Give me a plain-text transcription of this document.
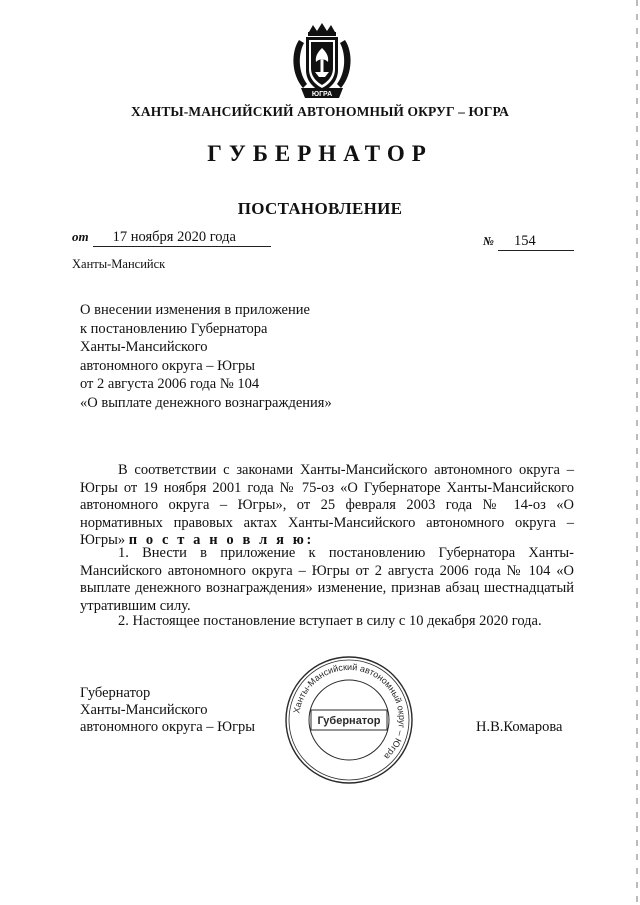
ЮГРА
ХАНТЫ-МАНСИЙСКИЙ АВТОНОМНЫЙ ОКРУГ – ЮГРА
ГУБЕРНАТОР
ПОСТАНОВЛЕНИЕ
от 17 ноября 2020 года	№ 154
Ханты-Мансийск
О внесении изменения в приложение
к постановлению Губернатора
Ханты-Мансийского
автономного округа – Югры
от 2 августа 2006 года № 104
«О выплате денежного вознаграждения»
В соответствии с законами Ханты-Мансийского автономного округа – Югры от 19 ноября 2001 года № 75-оз «О Губернаторе Ханты-Мансийского автономного округа – Югры», от 25 февраля 2003 года № 14-оз «О нормативных правовых актах Ханты-Мансийского автономного округа – Югры» п о с т а н о в л я ю:
1. Внести в приложение к постановлению Губернатора Ханты-Мансийского автономного округа – Югры от 2 августа 2006 года № 104 «О выплате денежного вознаграждения» изменение, признав абзац шестнадцатый утратившим силу.
2. Настоящее постановление вступает в силу с 10 декабря 2020 года.
Губернатор
Ханты-Мансийского
автономного округа – Югры
Ханты-Мансийский автономный округ – Югра
Губернатор	Н.В.Комарова
